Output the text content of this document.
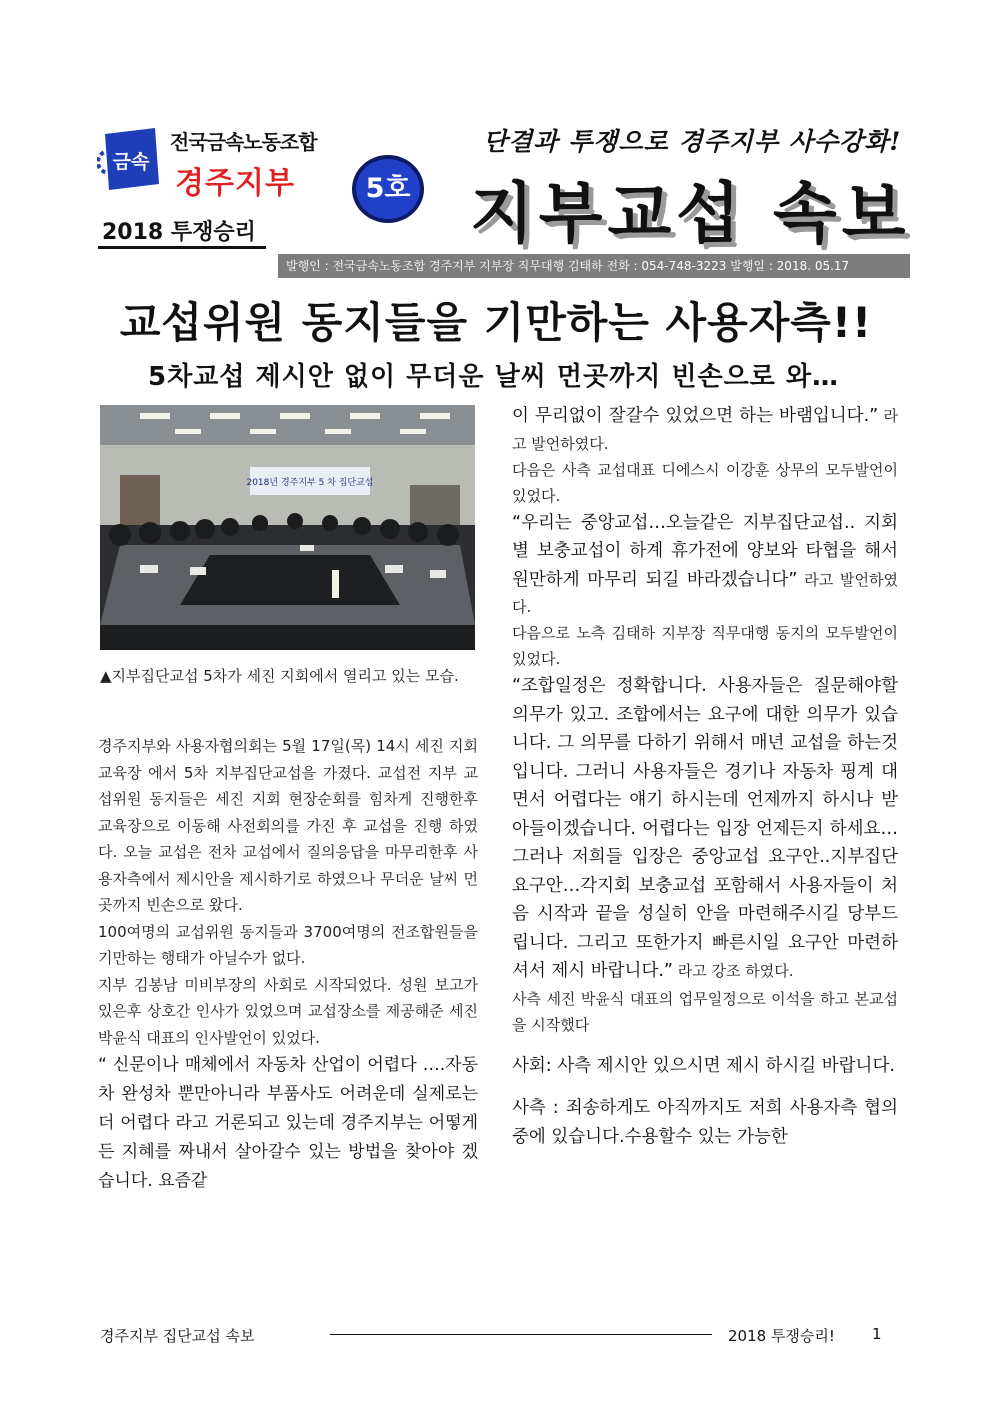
금속
전국금속노동조합
경주지부
2018 투쟁승리
5호
단결과 투쟁으로 경주지부 사수강화!
지부교섭 속보
발행인 : 전국금속노동조합 경주지부 지부장 직무대행 김태하 전화 : 054-748-3223 발행일 : 2018. 05.17
교섭위원 동지들을 기만하는 사용자측!!
5차교섭 제시안 없이 무더운 날씨 먼곳까지 빈손으로 와…
2018년 경주지부 5 차 집단교섭
▲지부집단교섭 5차가 세진 지회에서 열리고 있는 모습.

경주지부와 사용자협의회는 5월 17일(목) 14시 세진 지회 교육장 에서 5차 지부집단교섭을 가졌다. 교섭전 지부 교섭위원 동지들은 세진 지회 현장순회를 힘차게 진행한후 교육장으로 이동해 사전회의를 가진 후 교섭을 진행 하였다. 오늘 교섭은 전차 교섭에서 질의응답을 마무리한후 사용자측에서 제시안을 제시하기로 하였으나 무더운 날씨 먼곳까지 빈손으로 왔다.

100여명의 교섭위원 동지들과 3700여명의 전조합원들을 기만하는 행태가 아닐수가 없다.

지부 김봉남 미비부장의 사회로 시작되었다. 성원 보고가 있은후 상호간 인사가 있었으며 교섭장소를 제공해준 세진 박윤식 대표의 인사발언이 있었다.

“ 신문이나 매체에서 자동차 산업이 어렵다 ….자동차 완성차 뿐만아니라 부품사도 어려운데 실제로는 더 어렵다 라고 거론되고 있는데 경주지부는 어떻게든 지혜를 짜내서 살아갈수 있는 방법을 찾아야 겠습니다. 요즘같

이 무리없이 잘갈수 있었으면 하는 바램입니다.” 라고 발언하였다.

다음은 사측 교섭대표 디에스시 이강훈 상무의 모두발언이 있었다.

“우리는 중앙교섭…오늘같은 지부집단교섭.. 지회별 보충교섭이 하계 휴가전에 양보와 타협을 해서 원만하게 마무리 되길 바라겠습니다” 라고 발언하였다.

다음으로 노측 김태하 지부장 직무대행 동지의 모두발언이 있었다.

“조합일정은 정확합니다. 사용자들은 질문해야할 의무가 있고. 조합에서는 요구에 대한 의무가 있습니다. 그 의무를 다하기 위해서 매년 교섭을 하는것입니다. 그러니 사용자들은 경기나 자동차 핑계 대면서 어렵다는 얘기 하시는데 언제까지 하시나 받아들이겠습니다. 어렵다는 입장 언제든지 하세요…그러나 저희들 입장은 중앙교섭 요구안..지부집단요구안…각지회 보충교섭 포함해서 사용자들이 처음 시작과 끝을 성실히 안을 마련해주시길 당부드립니다. 그리고 또한가지 빠른시일 요구안 마련하셔서 제시 바랍니다.” 라고 강조 하였다.

사측 세진 박윤식 대표의 업무일정으로 이석을 하고 본교섭을 시작했다

사회: 사측 제시안 있으시면 제시 하시길 바랍니다.

사측 : 죄송하게도 아직까지도 저희 사용자측 협의중에 있습니다.수용할수 있는 가능한

경주지부 집단교섭 속보	2018 투쟁승리! 1
